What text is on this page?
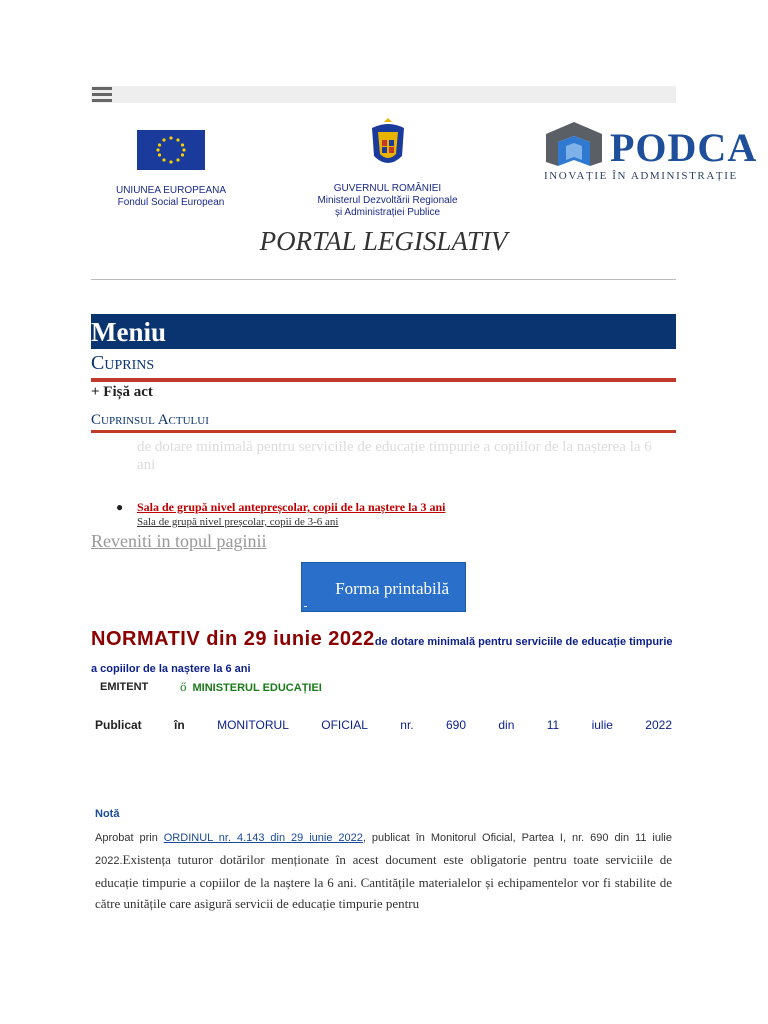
UNIUNEA EUROPEANA
Fondul Social European
GUVERNUL ROMÂNIEI
Ministerul Dezvoltării Regionale
și Administrației Publice
PODCA
INOVAȚIE ÎN ADMINISTRAȚIE
PORTAL LEGISLATIV
Meniu
Cuprins
+ Fișă act
Cuprinsul Actului
de dotare minimală pentru serviciile de educație timpurie a copiilor de la nașterea la 6 ani
● Sala de grupă nivel antepreșcolar, copii de la naștere la 3 ani
Sala de grupă nivel preșcolar, copii de 3-6 ani
Reveniti in topul paginii
Forma printabilă
NORMATIV din 29 iunie 2022de dotare minimală pentru serviciile de educație timpurie a copiilor de la naștere la 6 ani
EMITENT ő MINISTERUL EDUCAȚIEI
Publicat	în	MONITORUL	OFICIAL	nr.	690	din	11	iulie	2022
Notă
Aprobat prin ORDINUL nr. 4.143 din 29 iunie 2022, publicat în Monitorul Oficial, Partea I, nr. 690 din 11 iulie 2022.Existența tuturor dotărilor menționate în acest document este obligatorie pentru toate serviciile de educație timpurie a copiilor de la naștere la 6 ani. Cantitățile materialelor și echipamentelor vor fi stabilite de către unitățile care asigură servicii de educație timpurie pentru
